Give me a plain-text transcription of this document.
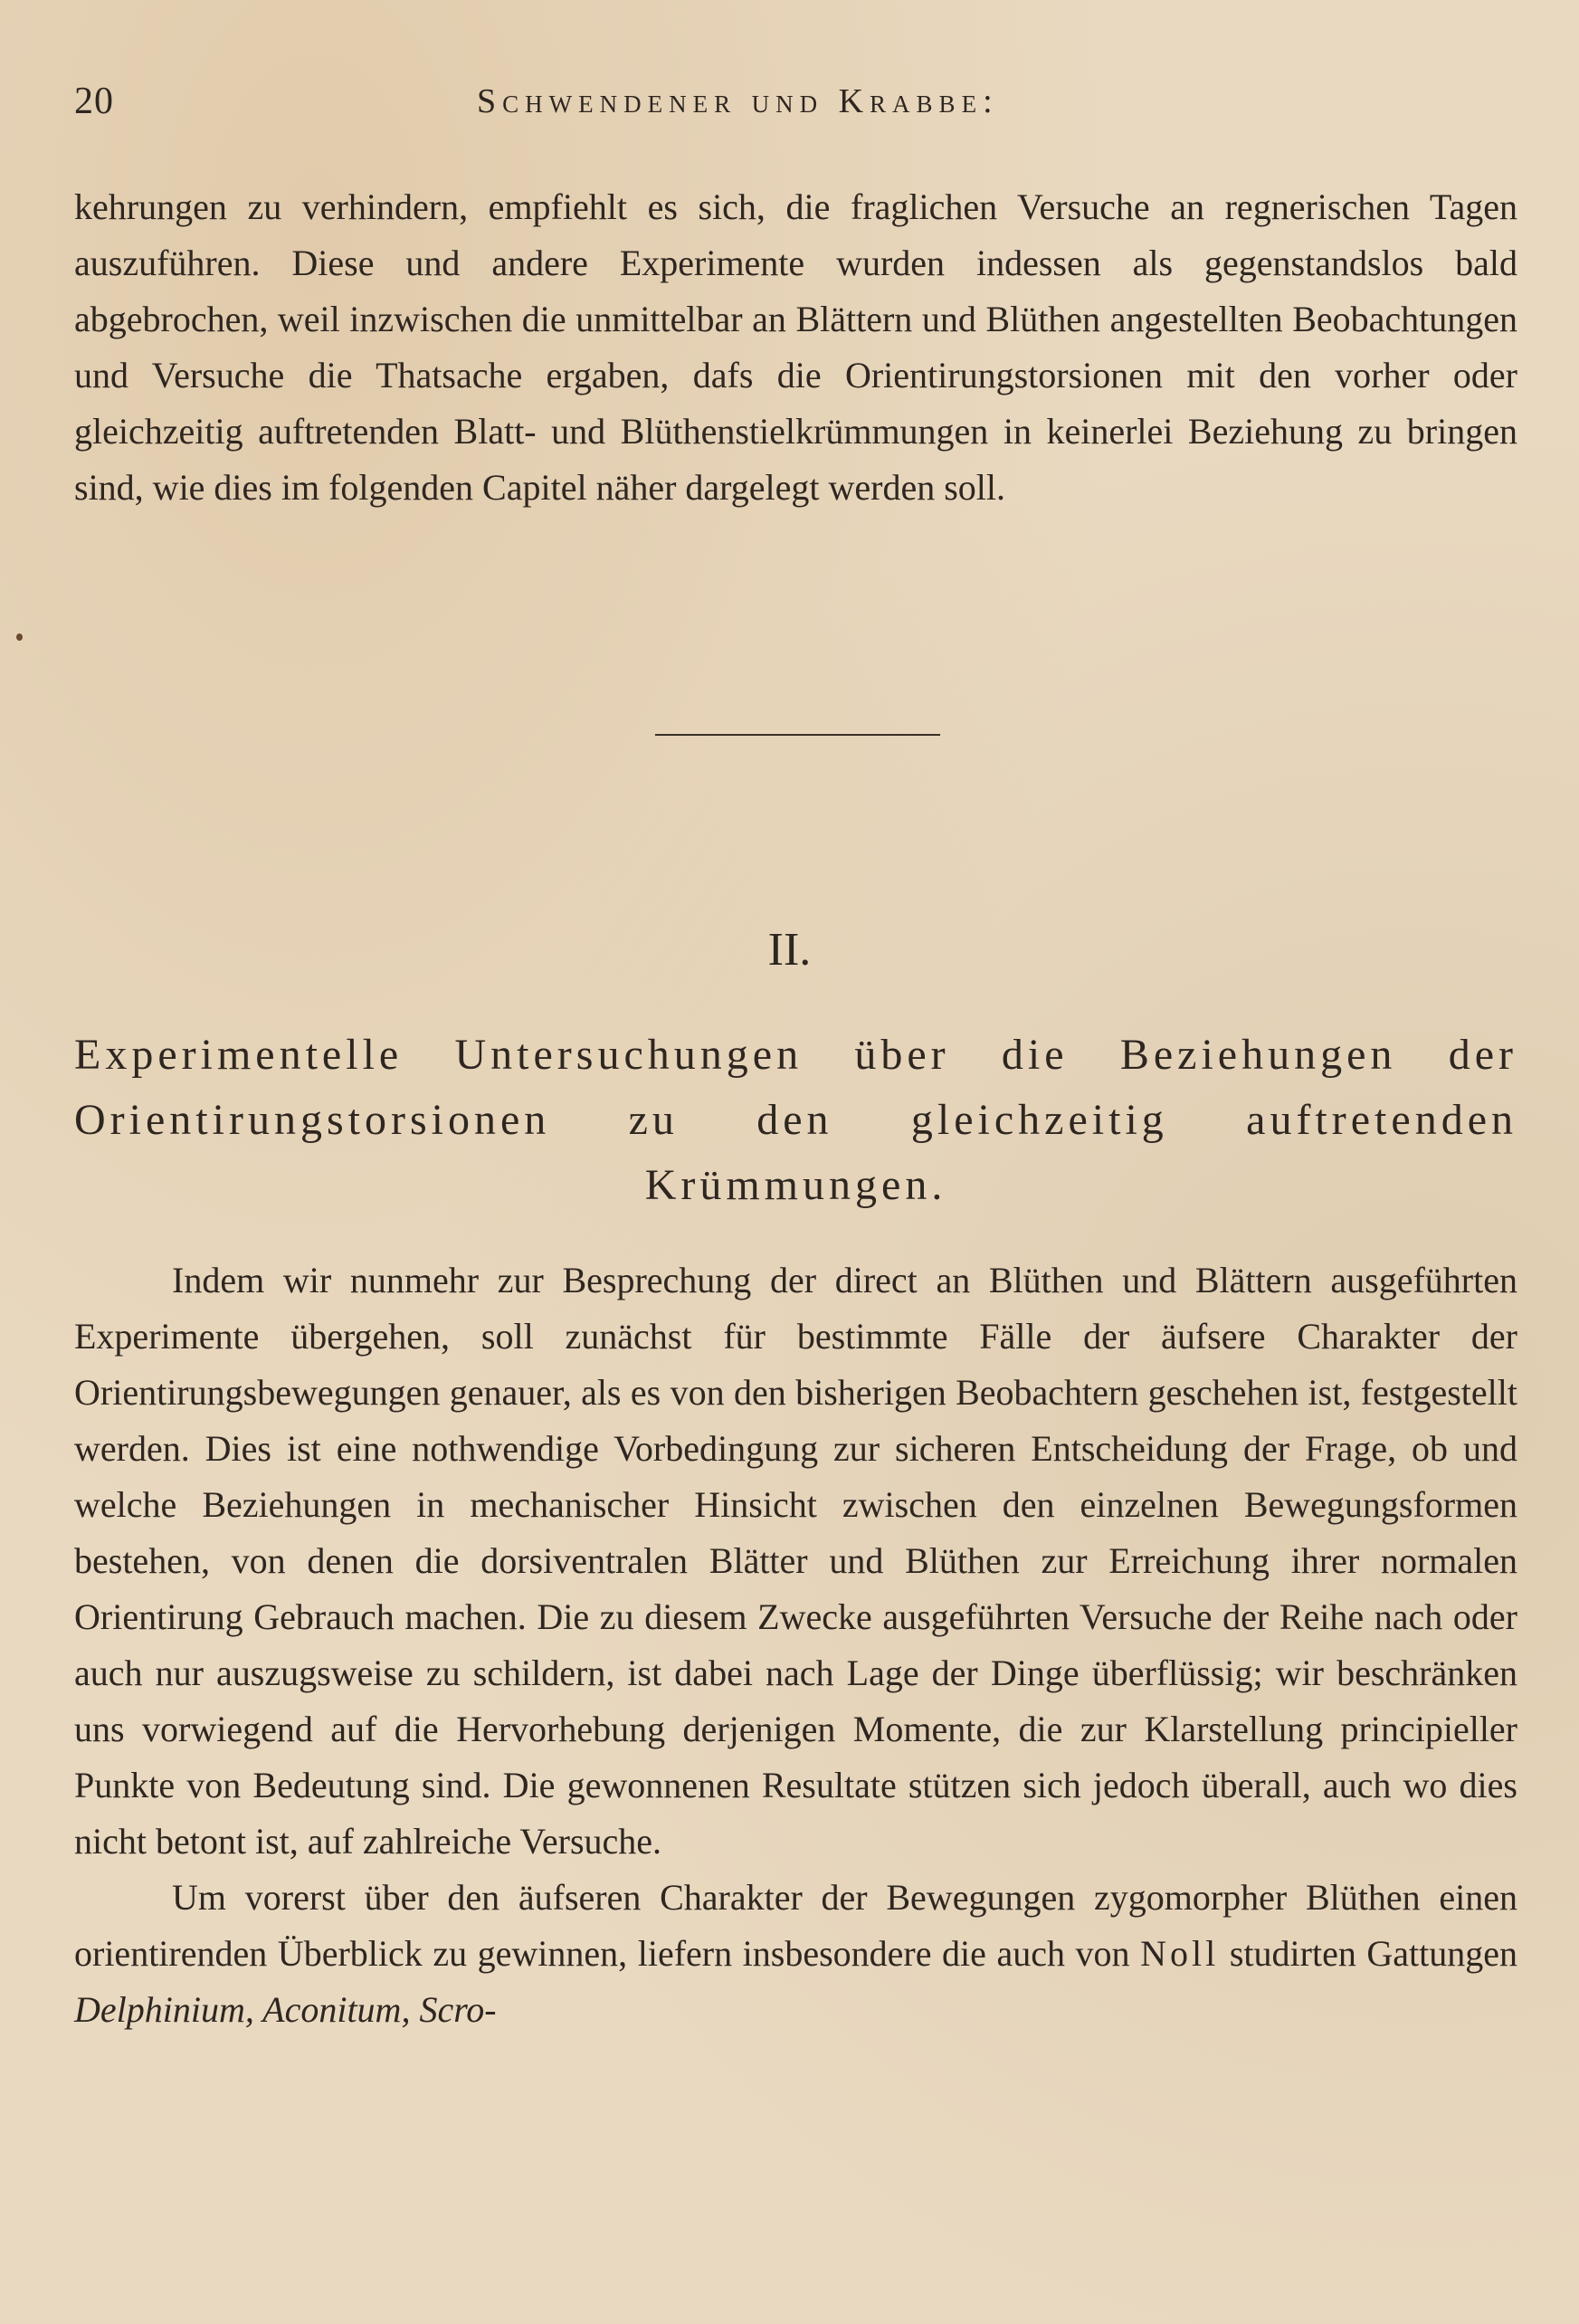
20	Schwendener und Krabbe:

kehrungen zu verhindern, empfiehlt es sich, die fraglichen Versuche an regnerischen Tagen auszuführen. Diese und andere Experimente wurden indessen als gegenstandslos bald abgebrochen, weil inzwischen die unmittelbar an Blättern und Blüthen angestellten Beobachtungen und Versuche die Thatsache ergaben, dafs die Orientirungstorsionen mit den vorher oder gleichzeitig auftretenden Blatt- und Blüthenstielkrümmungen in keinerlei Beziehung zu bringen sind, wie dies im folgenden Capitel näher dargelegt werden soll.

II.
Experimentelle Untersuchungen über die Beziehungen der Orientirungstorsionen zu den gleichzeitig auftretenden Krümmungen.

Indem wir nunmehr zur Besprechung der direct an Blüthen und Blättern ausgeführten Experimente übergehen, soll zunächst für bestimmte Fälle der äufsere Charakter der Orientirungsbewegungen genauer, als es von den bisherigen Beobachtern geschehen ist, festgestellt werden. Dies ist eine nothwendige Vorbedingung zur sicheren Entscheidung der Frage, ob und welche Beziehungen in mechanischer Hinsicht zwischen den einzelnen Bewegungsformen bestehen, von denen die dorsiventralen Blätter und Blüthen zur Erreichung ihrer normalen Orientirung Gebrauch machen. Die zu diesem Zwecke ausgeführten Versuche der Reihe nach oder auch nur auszugsweise zu schildern, ist dabei nach Lage der Dinge überflüssig; wir beschränken uns vorwiegend auf die Hervorhebung derjenigen Momente, die zur Klarstellung principieller Punkte von Bedeutung sind. Die gewonnenen Resultate stützen sich jedoch überall, auch wo dies nicht betont ist, auf zahlreiche Versuche.

Um vorerst über den äufseren Charakter der Bewegungen zygomorpher Blüthen einen orientirenden Überblick zu gewinnen, liefern insbesondere die auch von Noll studirten Gattungen Delphinium, Aconitum, Scro-
